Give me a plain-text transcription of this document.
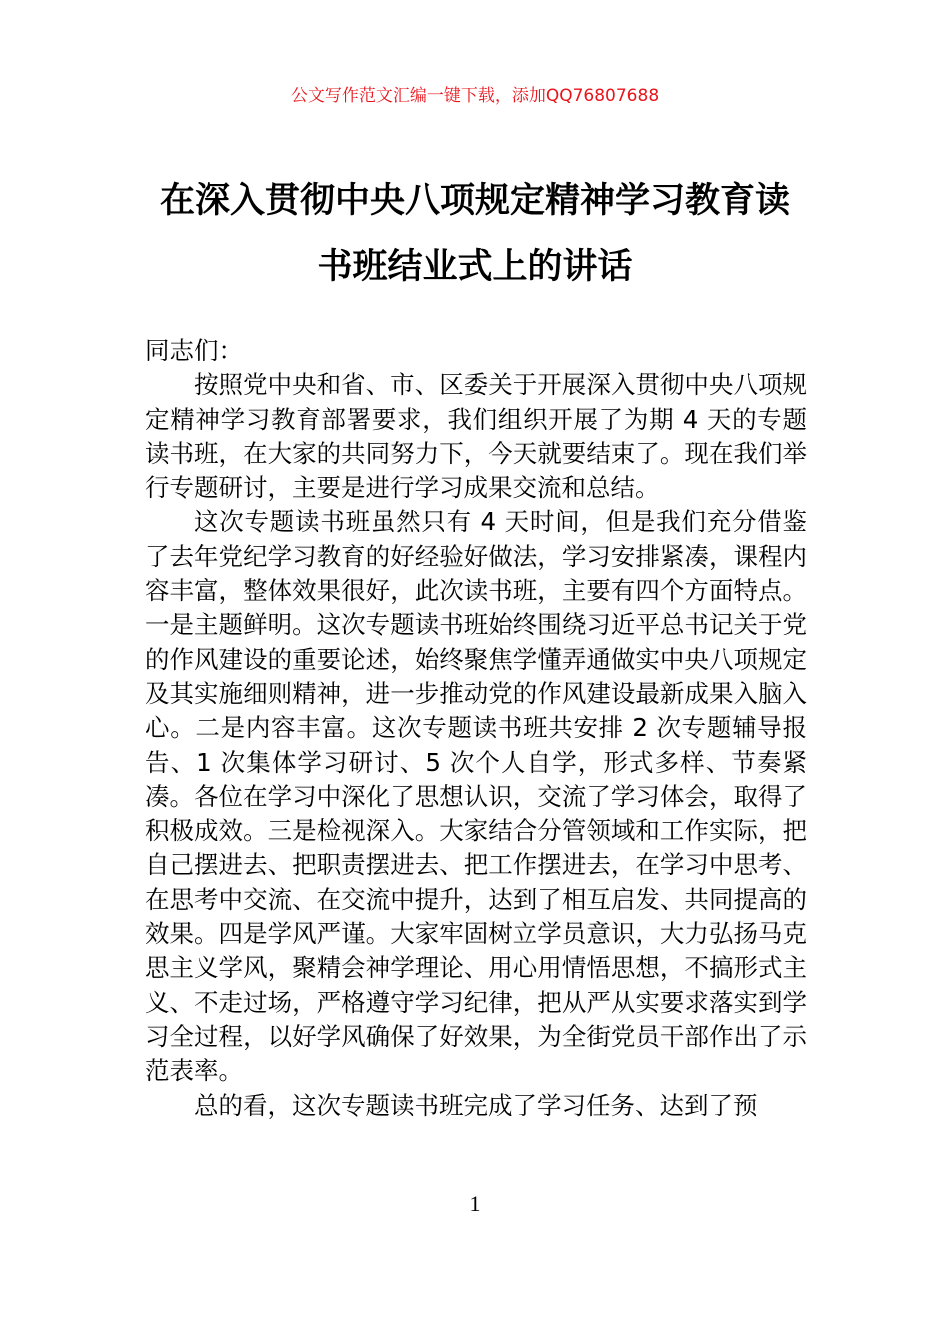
公文写作范文汇编一键下载，添加QQ76807688
在深入贯彻中央八项规定精神学习教育读
书班结业式上的讲话

同志们：

按照党中央和省、市、区委关于开展深入贯彻中央八项规定精神学习教育部署要求，我们组织开展了为期 4 天的专题读书班，在大家的共同努力下，今天就要结束了。现在我们举行专题研讨，主要是进行学习成果交流和总结。

这次专题读书班虽然只有 4 天时间，但是我们充分借鉴了去年党纪学习教育的好经验好做法，学习安排紧凑，课程内容丰富，整体效果很好，此次读书班，主要有四个方面特点。一是主题鲜明。这次专题读书班始终围绕习近平总书记关于党的作风建设的重要论述，始终聚焦学懂弄通做实中央八项规定及其实施细则精神，进一步推动党的作风建设最新成果入脑入心。二是内容丰富。这次专题读书班共安排 2 次专题辅导报告、1 次集体学习研讨、5 次个人自学，形式多样、节奏紧凑。各位在学习中深化了思想认识，交流了学习体会，取得了积极成效。三是检视深入。大家结合分管领域和工作实际，把自己摆进去、把职责摆进去、把工作摆进去，在学习中思考、在思考中交流、在交流中提升，达到了相互启发、共同提高的效果。四是学风严谨。大家牢固树立学员意识，大力弘扬马克思主义学风，聚精会神学理论、用心用情悟思想，不搞形式主义、不走过场，严格遵守学习纪律，把从严从实要求落实到学习全过程，以好学风确保了好效果，为全街党员干部作出了示范表率。

总的看，这次专题读书班完成了学习任务、达到了预

1
